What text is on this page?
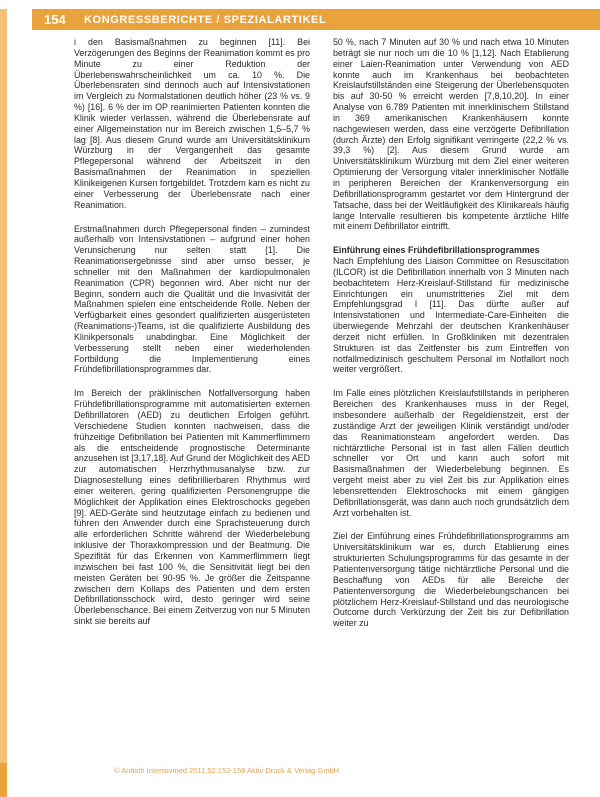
154	KONGRESSBERICHTE / SPEZIALARTIKEL

i den Basismaßnahmen zu beginnen [11]. Bei Verzögerungen des Beginns der Reanimation kommt es pro Minute zu einer Reduktion der Überlebenswahrscheinlichkeit um ca. 10 %. Die Überlebensraten sind dennoch auch auf Intensivstationen im Vergleich zu Normalstationen deutlich höher (23 % vs. 9 %) [16]. 6 % der im OP reanimierten Patienten konnten die Klinik wieder verlassen, während die Überlebensrate auf einer Allgemeinstation nur im Bereich zwischen 1,5–5,7 % lag [8]. Aus diesem Grund wurde am Universitätsklinikum Würzburg in der Vergangenheit das gesamte Pflegepersonal während der Arbeitszeit in den Basismaßnahmen der Reanimation in speziellen Klinikeigenen Kursen fortgebildet. Trotzdem kam es nicht zu einer Verbesserung der Überlebensrate nach einer Reanimation.

Erstmaßnahmen durch Pflegepersonal finden – zumindest außerhalb von Intensivstationen – aufgrund einer hohen Verunsicherung nur selten statt [1]. Die Reanimationsergebnisse sind aber umso besser, je schneller mit den Maßnahmen der kardiopulmonalen Reanimation (CPR) begonnen wird. Aber nicht nur der Beginn, sondern auch die Qualität und die Invasivität der Maßnahmen spielen eine entscheidende Rolle. Neben der Verfügbarkeit eines gesondert qualifizierten ausgerüsteten (Reanimations-)Teams, ist die qualifizierte Ausbildung des Klinikpersonals unabdingbar. Eine Möglichkeit der Verbesserung stellt neben einer wiederholenden Fortbildung die Implementierung eines Frühdefibrillationsprogrammes dar.

Im Bereich der präklinischen Notfallversorgung haben Frühdefibrillationsprogramme mit automatisierten externen Defibrillatoren (AED) zu deutlichen Erfolgen geführt. Verschiedene Studien konnten nachweisen, dass die frühzeitige Defibrillation bei Patienten mit Kammerflimmern als die entscheidende prognostische Determinante anzusehen ist [3,17,18]. Auf Grund der Möglichkeit des AED zur automatischen Herzrhythmusanalyse bzw. zur Diagnosestellung eines defibrillierbaren Rhythmus wird einer weiteren, gering qualifizierten Personengruppe die Möglichkeit der Applikation eines Elektroschocks gegeben [9]. AED-Geräte sind heutzutage einfach zu bedienen und führen den Anwender durch eine Sprachsteuerung durch alle erforderlichen Schritte während der Wiederbelebung inklusive der Thoraxkompression und der Beatmung. Die Spezifität für das Erkennen von Kammerflimmern liegt inzwischen bei fast 100 %, die Sensitivität liegt bei den meisten Geräten bei 90-95 %. Je größer die Zeitspanne zwischen dem Kollaps des Patienten und dem ersten Defibrillationsschock wird, desto geringer wird seine Überlebenschance. Bei einem Zeitverzug von nur 5 Minuten sinkt sie bereits auf

50 %, nach 7 Minuten auf 30 % und nach etwa 10 Minuten beträgt sie nur noch um die 10 % [1,12]. Nach Etablierung einer Laien-Reanimation unter Verwendung von AED konnte auch im Krankenhaus bei beobachteten Kreislaufstillständen eine Steigerung der Überlebensquoten bis auf 30-50 % erreicht werden [7,8,10,20]. In einer Analyse von 6.789 Patienten mit innerklinischem Stillstand in 369 amerikanischen Krankenhäusern konnte nachgewiesen werden, dass eine verzögerte Defibrillation (durch Ärzte) den Erfolg signifikant verringerte (22,2 % vs. 39,3 %) [2]. Aus diesem Grund wurde am Universitätsklinikum Würzburg mit dem Ziel einer weiteren Optimierung der Versorgung vitaler innerklinischer Notfälle in peripheren Bereichen der Krankenversorgung ein Defibrillationsprogramm gestartet vor dem Hintergrund der Tatsache, dass bei der Weitläufigkeit des Klinikareals häufig lange Intervalle resultieren bis kompetente ärztliche Hilfe mit einem Defibrillator eintrifft.

Einführung eines Frühdefibrillationsprogrammes

Nach Empfehlung des Liaison Committee on Resuscitation (ILCOR) ist die Defibrillation innerhalb von 3 Minuten nach beobachtetem Herz-Kreislauf-Stillstand für medizinische Einrichtungen ein unumstrittenes Ziel mit dem Empfehlungsgrad I [11]. Das dürfte außer auf Intensivstationen und Intermediate-Care-Einheiten die überwiegende Mehrzahl der deutschen Krankenhäuser derzeit nicht erfüllen. In Großkliniken mit dezentralen Strukturen ist das Zeitfenster bis zum Eintreffen von notfallmedizinisch geschultem Personal im Notfallort noch weiter vergrößert.

Im Falle eines plötzlichen Kreislaufstillstands in peripheren Bereichen des Krankenhauses muss in der Regel, insbesondere außerhalb der Regeldienstzeit, erst der zuständige Arzt der jeweiligen Klinik verständigt und/oder das Reanimationsteam angefordert werden. Das nichtärztliche Personal ist in fast allen Fällen deutlich schneller vor Ort und kann auch sofort mit Basismaßnahmen der Wiederbelebung beginnen. Es vergeht meist aber zu viel Zeit bis zur Applikation eines lebensrettenden Elektroschocks mit einem gängigen Defibrillationsgerät, was dann auch noch grundsätzlich dem Arzt vorbehalten ist.

Ziel der Einführung eines Frühdefibrillationsprogramms am Universitätsklinikum war es, durch Etablierung eines strukturierten Schulungsprogramms für das gesamte in der Patientenversorgung tätige nichtärztliche Personal und die Beschaffung von AEDs für alle Bereiche der Patientenversorgung die Wiederbelebungschancen bei plötzlichem Herz-Kreislauf-Stillstand und das neurologische Outcome durch Verkürzung der Zeit bis zur Defibrillation weiter zu

© Anästh Intensivmed 2011;52:152-158 Aktiv Druck & Verlag GmbH
